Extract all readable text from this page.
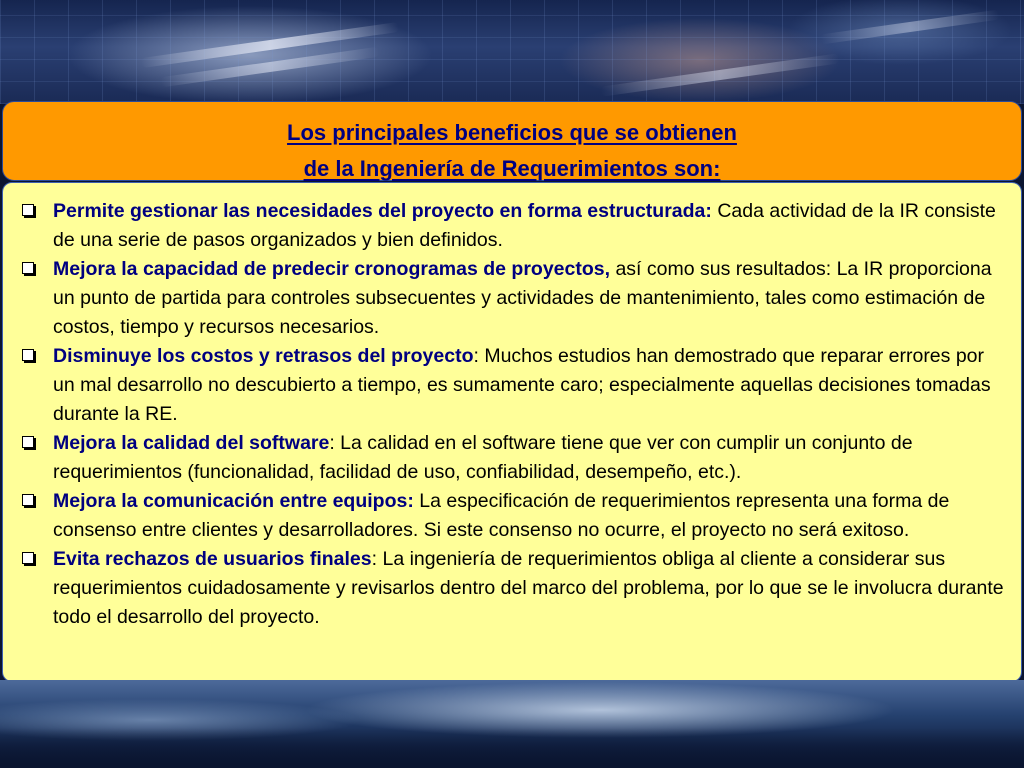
Los principales beneficios que se obtienen
de la Ingeniería de Requerimientos son:
Permite gestionar las necesidades del proyecto en forma estructurada: Cada actividad de la IR consiste de una serie de pasos organizados y bien definidos.
Mejora la capacidad de predecir cronogramas de proyectos, así como sus resultados: La IR proporciona un punto de partida para controles subsecuentes y actividades de mantenimiento, tales como estimación de costos, tiempo y recursos necesarios.
Disminuye los costos y retrasos del proyecto: Muchos estudios han demostrado que reparar errores por un mal desarrollo no descubierto a tiempo, es sumamente caro; especialmente aquellas decisiones tomadas durante la RE.
Mejora la calidad del software: La calidad en el software tiene que ver con cumplir un conjunto de requerimientos (funcionalidad, facilidad de uso, confiabilidad, desempeño, etc.).
Mejora la comunicación entre equipos: La especificación de requerimientos representa una forma de consenso entre clientes y desarrolladores. Si este consenso no ocurre, el proyecto no será exitoso.
Evita rechazos de usuarios finales: La ingeniería de requerimientos obliga al cliente a considerar sus requerimientos cuidadosamente y revisarlos dentro del marco del problema, por lo que se le involucra durante todo el desarrollo del proyecto.
